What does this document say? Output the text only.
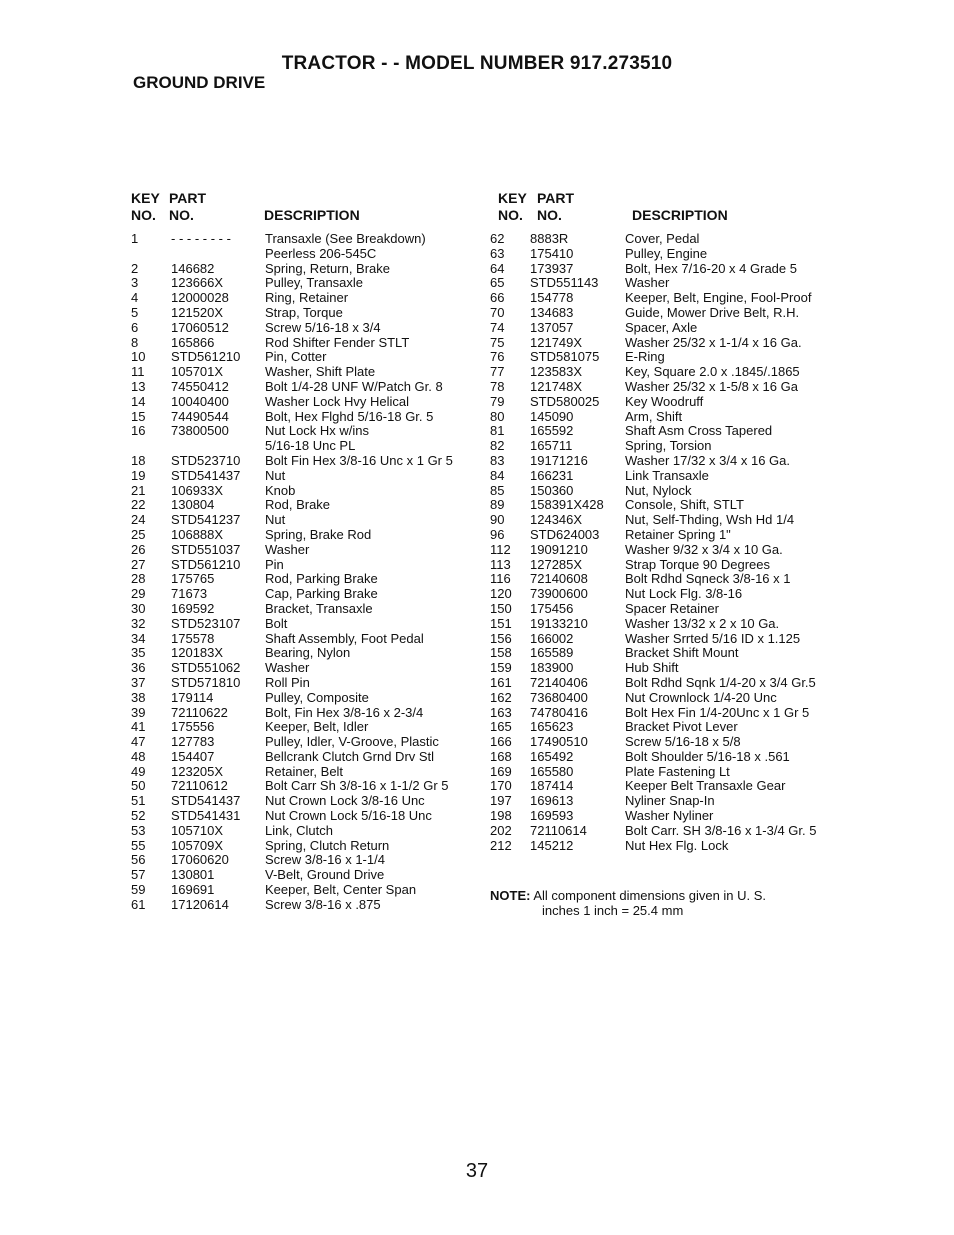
TRACTOR - - MODEL NUMBER 917.273510
GROUND DRIVE
KEY PART
NO. NO.	DESCRIPTION
1	- - - - - - - -	Transaxle (See Breakdown)
Peerless 206-545C
2	146682	Spring, Return, Brake
3	123666X	Pulley, Transaxle
4	12000028	Ring, Retainer
5	121520X	Strap, Torque
6	17060512	Screw 5/16-18 x 3/4
8	165866	Rod Shifter Fender STLT
10	STD561210	Pin, Cotter
11	105701X	Washer, Shift Plate
13	74550412	Bolt 1/4-28 UNF W/Patch Gr. 8
14	10040400	Washer Lock Hvy Helical
15	74490544	Bolt, Hex Flghd 5/16-18 Gr. 5
16	73800500	Nut Lock Hx w/ins
5/16-18 Unc PL
18	STD523710	Bolt Fin Hex 3/8-16 Unc x 1 Gr 5
19	STD541437	Nut
21	106933X	Knob
22	130804	Rod, Brake
24	STD541237	Nut
25	106888X	Spring, Brake Rod
26	STD551037	Washer
27	STD561210	Pin
28	175765	Rod, Parking Brake
29	71673	Cap, Parking Brake
30	169592	Bracket, Transaxle
32	STD523107	Bolt
34	175578	Shaft Assembly, Foot Pedal
35	120183X	Bearing, Nylon
36	STD551062	Washer
37	STD571810	Roll Pin
38	179114	Pulley, Composite
39	72110622	Bolt, Fin Hex 3/8-16 x 2-3/4
41	175556	Keeper, Belt, Idler
47	127783	Pulley, Idler, V-Groove, Plastic
48	154407	Bellcrank Clutch Grnd Drv Stl
49	123205X	Retainer, Belt
50	72110612	Bolt Carr Sh 3/8-16 x 1-1/2 Gr 5
51	STD541437	Nut Crown Lock 3/8-16 Unc
52	STD541431	Nut Crown Lock 5/16-18 Unc
53	105710X	Link, Clutch
55	105709X	Spring, Clutch Return
56	17060620	Screw 3/8-16 x 1-1/4
57	130801	V-Belt, Ground Drive
59	169691	Keeper, Belt, Center Span
61	17120614	Screw 3/8-16 x .875
KEY PART
NO. NO.	DESCRIPTION
62	8883R	Cover, Pedal
63	175410	Pulley, Engine
64	173937	Bolt, Hex 7/16-20 x 4 Grade 5
65	STD551143	Washer
66	154778	Keeper, Belt, Engine, Fool-Proof
70	134683	Guide, Mower Drive Belt, R.H.
74	137057	Spacer, Axle
75	121749X	Washer 25/32 x 1-1/4 x 16 Ga.
76	STD581075	E-Ring
77	123583X	Key, Square 2.0 x .1845/.1865
78	121748X	Washer 25/32 x 1-5/8 x 16 Ga
79	STD580025	Key Woodruff
80	145090	Arm, Shift
81	165592	Shaft Asm Cross Tapered
82	165711	Spring, Torsion
83	19171216	Washer 17/32 x 3/4 x 16 Ga.
84	166231	Link Transaxle
85	150360	Nut, Nylock
89	158391X428	Console, Shift, STLT
90	124346X	Nut, Self-Thding, Wsh Hd 1/4
96	STD624003	Retainer Spring 1"
112	19091210	Washer 9/32 x 3/4 x 10 Ga.
113	127285X	Strap Torque 90 Degrees
116	72140608	Bolt Rdhd Sqneck 3/8-16 x 1
120	73900600	Nut Lock Flg. 3/8-16
150	175456	Spacer Retainer
151	19133210	Washer 13/32 x 2 x 10 Ga.
156	166002	Washer Srrted 5/16 ID x 1.125
158	165589	Bracket Shift Mount
159	183900	Hub Shift
161	72140406	Bolt Rdhd Sqnk 1/4-20 x 3/4 Gr.5
162	73680400	Nut Crownlock 1/4-20 Unc
163	74780416	Bolt Hex Fin 1/4-20Unc x 1 Gr 5
165	165623	Bracket Pivot Lever
166	17490510	Screw 5/16-18 x 5/8
168	165492	Bolt Shoulder 5/16-18 x .561
169	165580	Plate Fastening Lt
170	187414	Keeper Belt Transaxle Gear
197	169613	Nyliner Snap-In
198	169593	Washer Nyliner
202	72110614	Bolt Carr. SH 3/8-16 x 1-3/4 Gr. 5
212	145212	Nut Hex Flg. Lock
NOTE: All component dimensions given in U. S.
inches 1 inch = 25.4 mm
37
